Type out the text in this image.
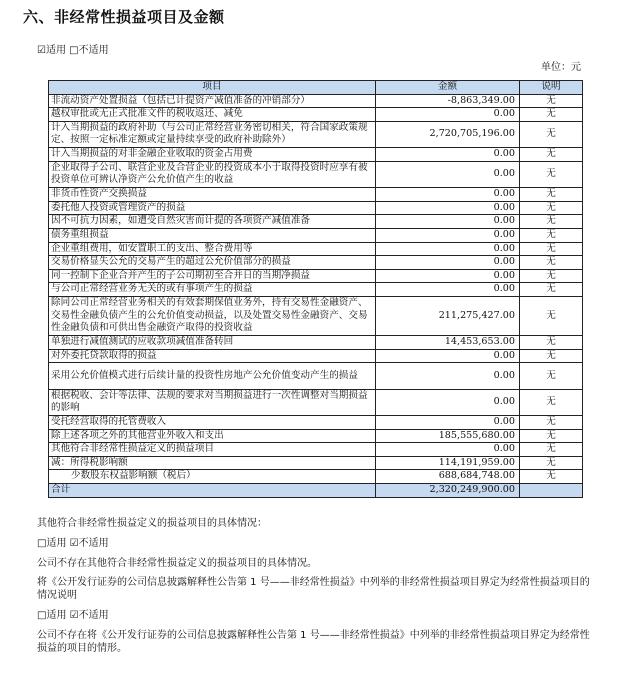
六、非经常性损益项目及金额
☑适用 □不适用
单位：元
项目	金额	说明
非流动资产处置损益（包括已计提资产减值准备的冲销部分）	-8,863,349.00	无
越权审批或无正式批准文件的税收返还、减免	0.00	无
计入当期损益的政府补助（与公司正常经营业务密切相关，符合国家政策规定、按照一定标准定额或定量持续享受的政府补助除外）	2,720,705,196.00	无
计入当期损益的对非金融企业收取的资金占用费	0.00	无
企业取得子公司、联营企业及合营企业的投资成本小于取得投资时应享有被投资单位可辨认净资产公允价值产生的收益	0.00	无
非货币性资产交换损益	0.00	无
委托他人投资或管理资产的损益	0.00	无
因不可抗力因素，如遭受自然灾害而计提的各项资产减值准备	0.00	无
债务重组损益	0.00	无
企业重组费用，如安置职工的支出、整合费用等	0.00	无
交易价格显失公允的交易产生的超过公允价值部分的损益	0.00	无
同一控制下企业合并产生的子公司期初至合并日的当期净损益	0.00	无
与公司正常经营业务无关的或有事项产生的损益	0.00	无
除同公司正常经营业务相关的有效套期保值业务外，持有交易性金融资产、交易性金融负债产生的公允价值变动损益，以及处置交易性金融资产、交易性金融负债和可供出售金融资产取得的投资收益	211,275,427.00	无
单独进行减值测试的应收款项减值准备转回	14,453,653.00	无
对外委托贷款取得的损益	0.00	无
采用公允价值模式进行后续计量的投资性房地产公允价值变动产生的损益	0.00	无
根据税收、会计等法律、法规的要求对当期损益进行一次性调整对当期损益的影响	0.00	无
受托经营取得的托管费收入	0.00	无
除上述各项之外的其他营业外收入和支出	185,555,680.00	无
其他符合非经常性损益定义的损益项目	0.00	无
减：所得税影响额	114,191,959.00	无
少数股东权益影响额（税后）	688,684,748.00	无
合计	2,320,249,900.00	
其他符合非经常性损益定义的损益项目的具体情况：
□适用 ☑不适用
公司不存在其他符合非经常性损益定义的损益项目的具体情况。
将《公开发行证券的公司信息披露解释性公告第 1 号——非经常性损益》中列举的非经常性损益项目界定为经常性损益项目的情况说明
□适用 ☑不适用
公司不存在将《公开发行证券的公司信息披露解释性公告第 1 号——非经常性损益》中列举的非经常性损益项目界定为经常性损益的项目的情形。
